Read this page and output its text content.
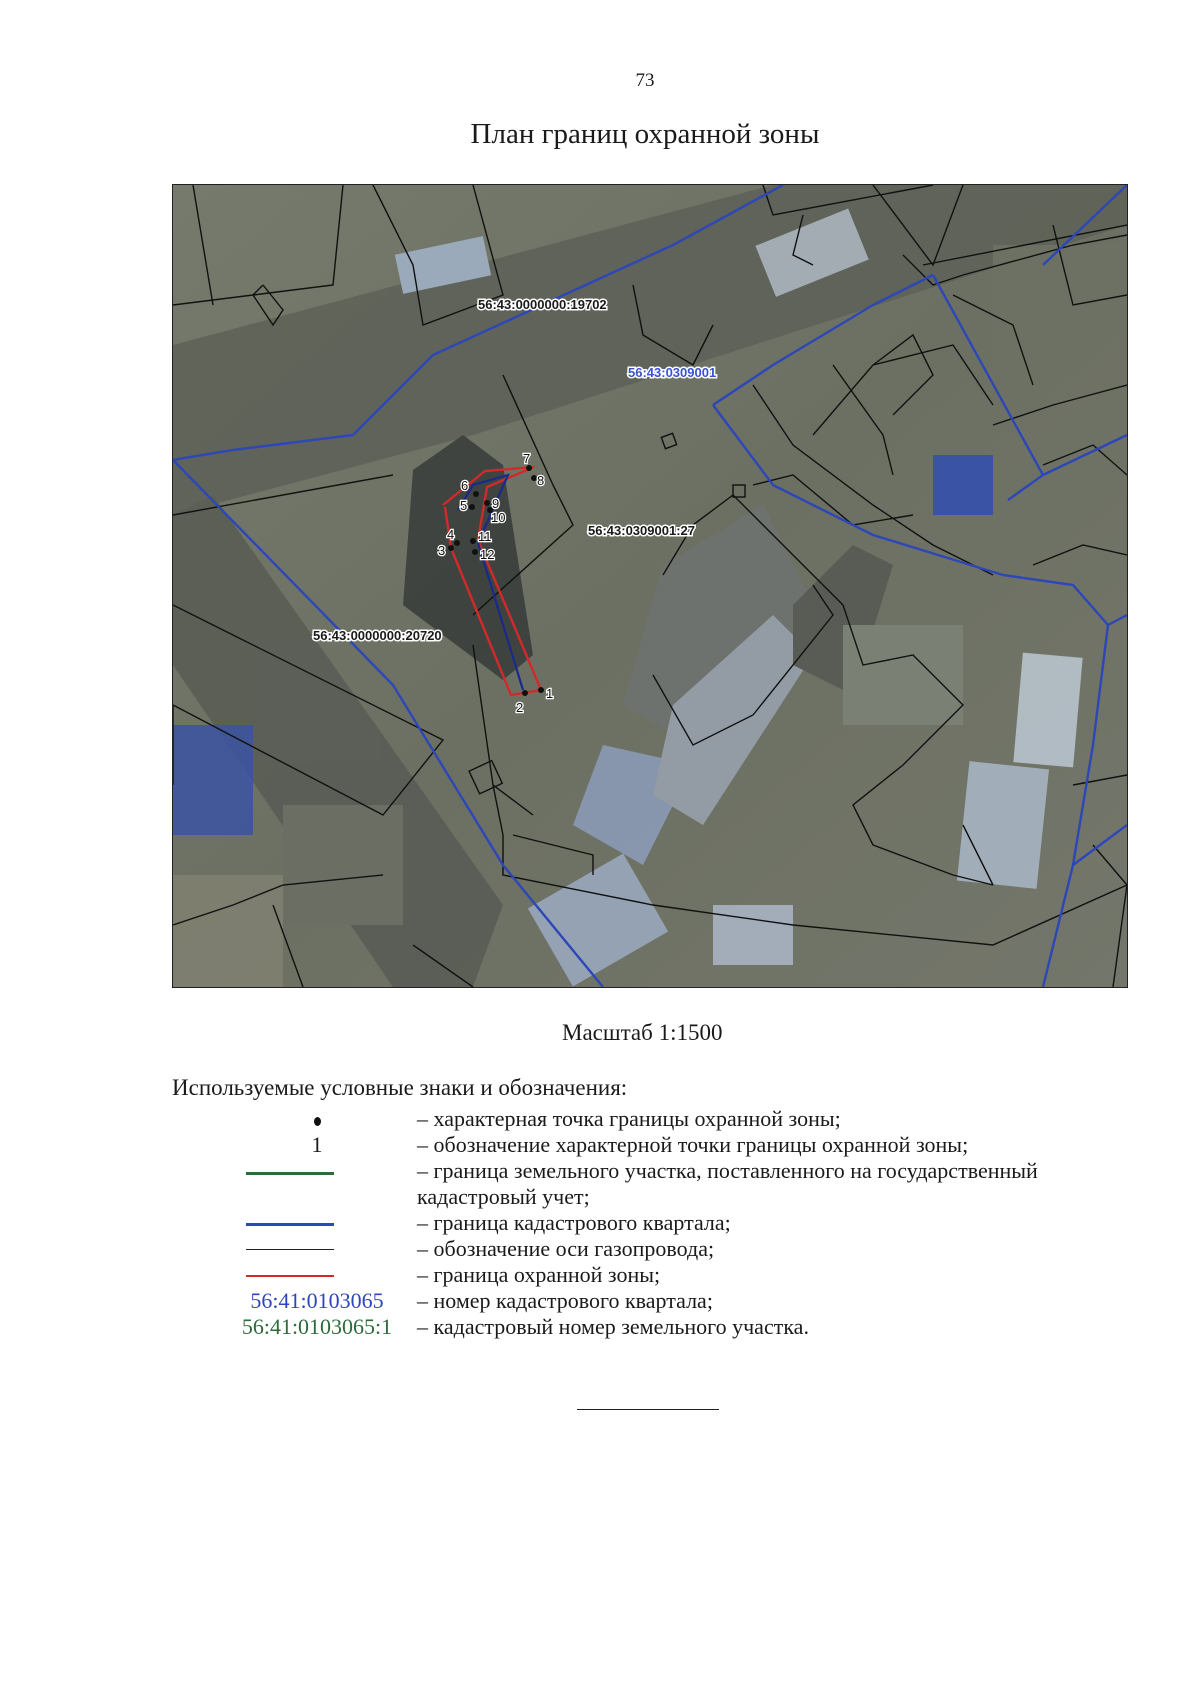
73
План границ охранной зоны
1
2
3
4
5
6
7
8
9
10
11
12
56:43:0000000:19702
56:43:0309001
56:43:0309001:27
56:43:0000000:20720
Масштаб 1:1500
Используемые условные знаки и обозначения:
– характерная точка границы охранной зоны;
1	– обозначение характерной точки границы охранной зоны;
– граница земельного участка, поставленного на государственный кадастровый учет;
– граница кадастрового квартала;
– обозначение оси газопровода;
– граница охранной зоны;
56:41:0103065	– номер кадастрового квартала;
56:41:0103065:1	– кадастровый номер земельного участка.
